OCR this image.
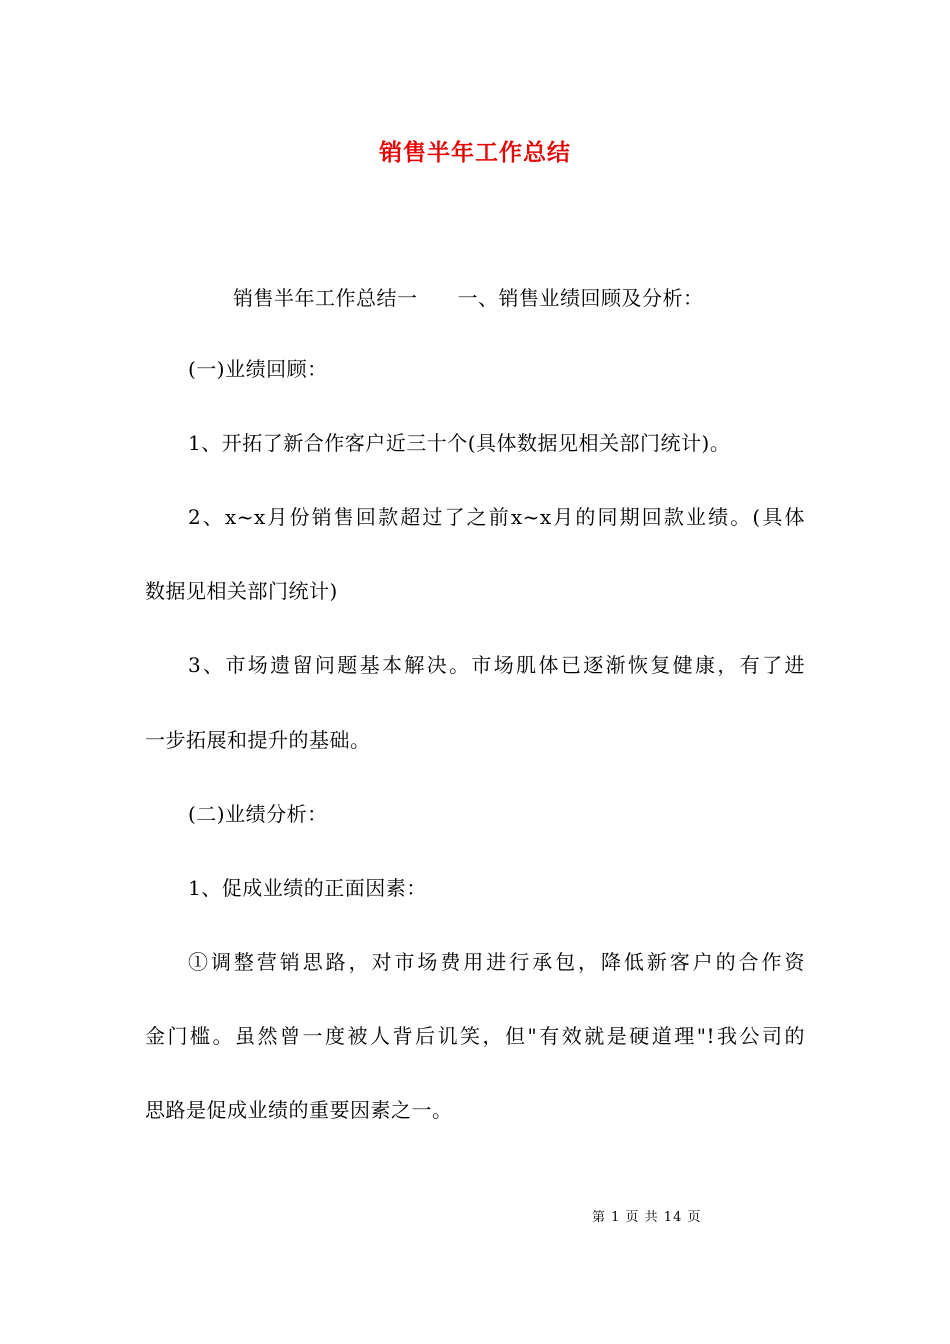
销售半年工作总结
销售半年工作总结一 一、销售业绩回顾及分析：
(一)业绩回顾：
1、开拓了新合作客户近三十个(具体数据见相关部门统计)。
2、x~x月份销售回款超过了之前x~x月的同期回款业绩。(具体
数据见相关部门统计)
3、市场遗留问题基本解决。市场肌体已逐渐恢复健康，有了进
一步拓展和提升的基础。
(二)业绩分析：
1、促成业绩的正面因素：
①调整营销思路，对市场费用进行承包，降低新客户的合作资
金门槛。虽然曾一度被人背后讥笑，但"有效就是硬道理"!我公司的
思路是促成业绩的重要因素之一。
第 1 页 共 14 页
